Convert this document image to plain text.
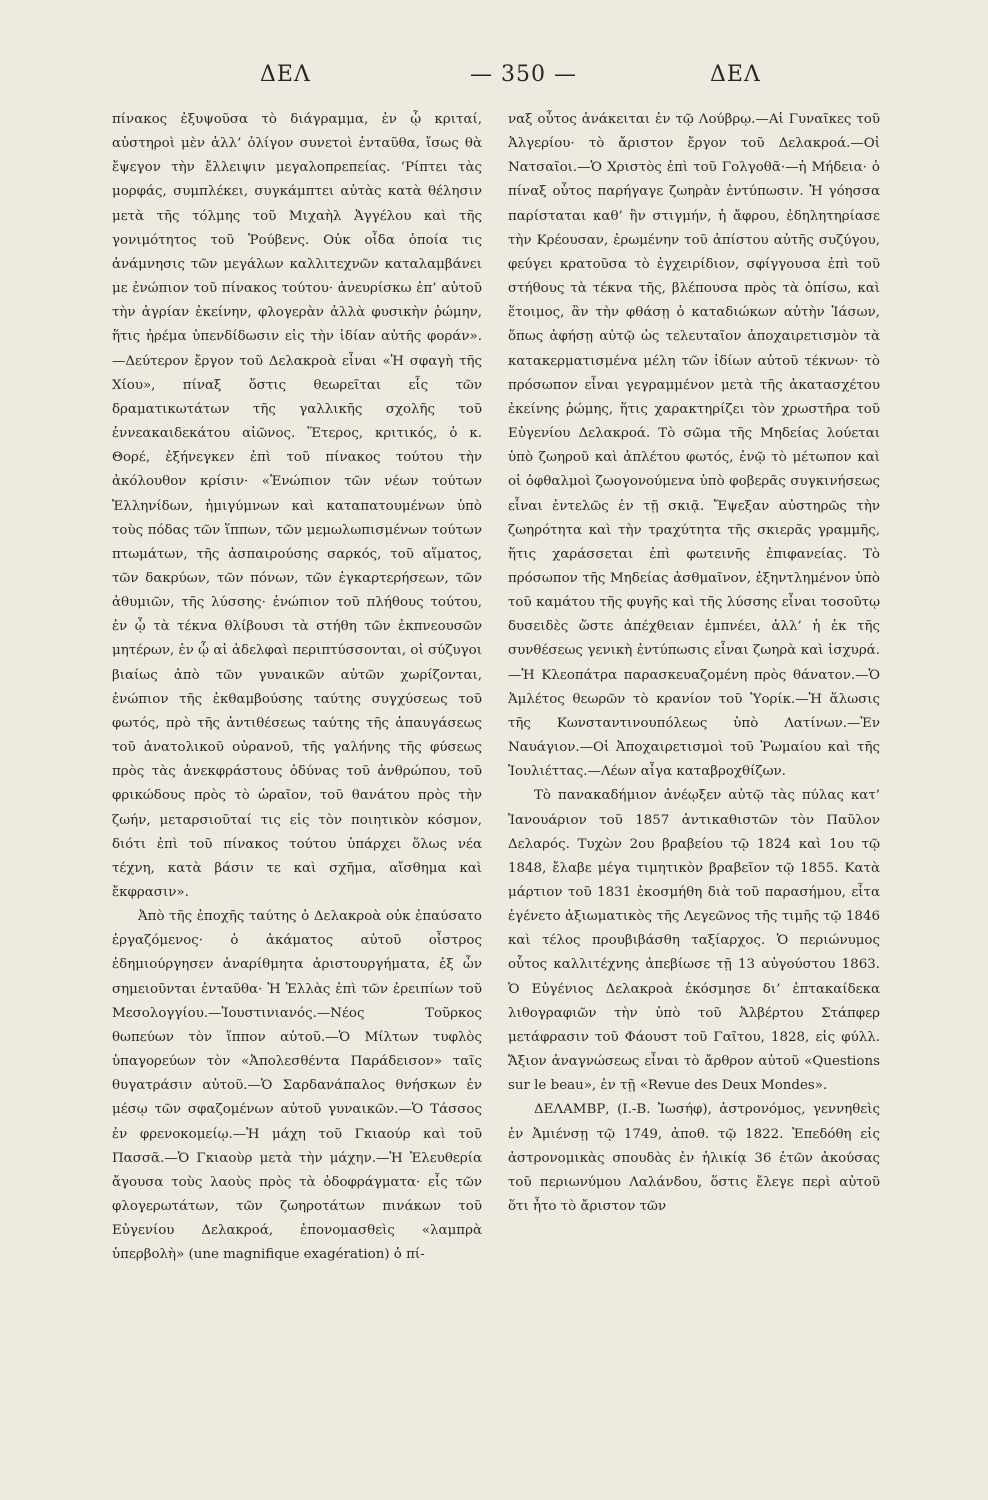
ΔΕΛ	— 350 —	ΔΕΛ

πίνακος ἐξυψοῦσα τὸ διάγραμμα, ἐν ᾧ κριταί, αὐστηροὶ μὲν ἀλλ’ ὀλίγον συνετοὶ ἐνταῦθα, ἴσως θὰ ἔψεγον τὴν ἔλλειψιν μεγαλοπρεπείας. ‘Ρίπτει τὰς μορφάς, συμπλέκει, συγκάμπτει αὐτὰς κατὰ θέλησιν μετὰ τῆς τόλμης τοῦ Μιχαὴλ Ἀγγέλου καὶ τῆς γονιμότητος τοῦ Ῥούβενς. Οὐκ οἶδα ὁποία τις ἀνάμνησις τῶν μεγάλων καλλιτεχνῶν καταλαμβάνει με ἐνώπιον τοῦ πίνακος τούτου· ἀνευρίσκω ἐπ’ αὐτοῦ τὴν ἀγρίαν ἐκείνην, φλογερὰν ἀλλὰ φυσικὴν ῥώμην, ἥτις ἠρέμα ὑπενδίδωσιν εἰς τὴν ἰδίαν αὐτῆς φοράν».—Δεύτερον ἔργον τοῦ Δελακροὰ εἶναι «Ἡ σφαγὴ τῆς Χίου», πίναξ ὅστις θεωρεῖται εἷς τῶν δραματικωτάτων τῆς γαλλικῆς σχολῆς τοῦ ἐννεακαιδεκάτου αἰῶνος. Ἕτερος, κριτικός, ὁ κ. Θορέ, ἐξήνεγκεν ἐπὶ τοῦ πίνακος τούτου τὴν ἀκόλουθον κρίσιν· «Ἐνώπιον τῶν νέων τούτων Ἑλληνίδων, ἠμιγύμνων καὶ καταπατουμένων ὑπὸ τοὺς πόδας τῶν ἵππων, τῶν μεμωλωπισμένων τούτων πτωμάτων, τῆς ἀσπαιρούσης σαρκός, τοῦ αἵματος, τῶν δακρύων, τῶν πόνων, τῶν ἐγκαρτερήσεων, τῶν ἀθυμιῶν, τῆς λύσσης· ἐνώπιον τοῦ πλήθους τούτου, ἐν ᾧ τὰ τέκνα θλίβουσι τὰ στήθη τῶν ἐκπνεουσῶν μητέρων, ἐν ᾧ αἱ ἀδελφαὶ περιπτύσσονται, οἱ σύζυγοι βιαίως ἀπὸ τῶν γυναικῶν αὐτῶν χωρίζονται, ἐνώπιον τῆς ἐκθαμβούσης ταύτης συγχύσεως τοῦ φωτός, πρὸ τῆς ἀντιθέσεως ταύτης τῆς ἀπαυγάσεως τοῦ ἀνατολικοῦ οὐρανοῦ, τῆς γαλήνης τῆς φύσεως πρὸς τὰς ἀνεκφράστους ὀδύνας τοῦ ἀνθρώπου, τοῦ φρικώδους πρὸς τὸ ὡραῖον, τοῦ θανάτου πρὸς τὴν ζωήν, μεταρσιοῦταί τις εἰς τὸν ποιητικὸν κόσμον, διότι ἐπὶ τοῦ πίνακος τούτου ὑπάρχει ὅλως νέα τέχνη, κατὰ βάσιν τε καὶ σχῆμα, αἴσθημα καὶ ἔκφρασιν».

Ἀπὸ τῆς ἐποχῆς ταύτης ὁ Δελακροὰ οὐκ ἐπαύσατο ἐργαζόμενος· ὁ ἀκάματος αὐτοῦ οἶστρος ἐδημιούργησεν ἀναρίθμητα ἀριστουργήματα, ἐξ ὧν σημειοῦνται ἐνταῦθα· Ἡ Ἑλλὰς ἐπὶ τῶν ἐρειπίων τοῦ Μεσολογγίου.—Ἰουστινιανός.—Νέος Τοῦρκος θωπεύων τὸν ἵππον αὐτοῦ.—Ὁ Μίλτων τυφλὸς ὑπαγορεύων τὸν «Ἀπολεσθέντα Παράδεισον» ταῖς θυγατράσιν αὐτοῦ.—Ὁ Σαρδανάπαλος θνήσκων ἐν μέσῳ τῶν σφαζομένων αὐτοῦ γυναικῶν.—Ὁ Τάσσος ἐν φρενοκομείῳ.—Ἡ μάχη τοῦ Γκιαούρ καὶ τοῦ Πασσᾶ.—Ὁ Γκιαοὺρ μετὰ τὴν μάχην.—Ἡ Ἐλευθερία ἄγουσα τοὺς λαοὺς πρὸς τὰ ὀδοφράγματα· εἷς τῶν φλογερωτάτων, τῶν ζωηροτάτων πινάκων τοῦ Εὐγενίου Δελακροά, ἐπονομασθεὶς «λαμπρὰ ὑπερβολὴ» (une magnifique exagération) ὁ πί-

ναξ οὗτος ἀνάκειται ἐν τῷ Λούβρῳ.—Αἱ Γυναῖκες τοῦ Ἀλγερίου· τὸ ἄριστον ἔργον τοῦ Δελακροά.—Οἱ Νατσαῖοι.—Ὁ Χριστὸς ἐπὶ τοῦ Γολγοθᾶ·—ἡ Μήδεια· ὁ πίναξ οὗτος παρήγαγε ζωηρὰν ἐντύπωσιν. Ἡ γόησσα παρίσταται καθ’ ἣν στιγμήν, ἡ ἄφρου, ἐδηλητηρίασε τὴν Κρέουσαν, ἐρωμένην τοῦ ἀπίστου αὐτῆς συζύγου, φεύγει κρατοῦσα τὸ ἐγχειρίδιον, σφίγγουσα ἐπὶ τοῦ στήθους τὰ τέκνα τῆς, βλέπουσα πρὸς τὰ ὀπίσω, καὶ ἕτοιμος, ἂν τὴν φθάσῃ ὁ καταδιώκων αὐτὴν Ἰάσων, ὅπως ἀφήσῃ αὐτῷ ὡς τελευταῖον ἀποχαιρετισμὸν τὰ κατακερματισμένα μέλη τῶν ἰδίων αὐτοῦ τέκνων· τὸ πρόσωπον εἶναι γεγραμμένον μετὰ τῆς ἀκατασχέτου ἐκείνης ῥώμης, ἥτις χαρακτηρίζει τὸν χρωστῆρα τοῦ Εὐγενίου Δελακροά. Τὸ σῶμα τῆς Μηδείας λούεται ὑπὸ ζωηροῦ καὶ ἀπλέτου φωτός, ἐνῷ τὸ μέτωπον καὶ οἱ ὀφθαλμοὶ ζωογονούμενα ὑπὸ φοβερᾶς συγκινήσεως εἶναι ἐντελῶς ἐν τῇ σκιᾷ. Ἔψεξαν αὐστηρῶς τὴν ζωηρότητα καὶ τὴν τραχύτητα τῆς σκιερᾶς γραμμῆς, ἥτις χαράσσεται ἐπὶ φωτεινῆς ἐπιφανείας. Τὸ πρόσωπον τῆς Μηδείας ἀσθμαῖνον, ἐξηντλημένον ὑπὸ τοῦ καμάτου τῆς φυγῆς καὶ τῆς λύσσης εἶναι τοσοῦτῳ δυσειδὲς ὥστε ἀπέχθειαν ἐμπνέει, ἀλλ’ ἡ ἐκ τῆς συνθέσεως γενικὴ ἐντύπωσις εἶναι ζωηρὰ καὶ ἰσχυρά.—Ἡ Κλεοπάτρα παρασκευαζομένη πρὸς θάνατον.—Ὁ Ἀμλέτος θεωρῶν τὸ κρανίον τοῦ Ὑορίκ.—Ἡ ἅλωσις τῆς Κωνσταντινουπόλεως ὑπὸ Λατίνων.—Ἐν Ναυάγιον.—Οἱ Ἀποχαιρετισμοὶ τοῦ Ῥωμαίου καὶ τῆς Ἰουλιέττας.—Λέων αἶγα καταβροχθίζων.

Τὸ πανακαδήμιον ἀνέῳξεν αὐτῷ τὰς πύλας κατ’ Ἰανουάριον τοῦ 1857 ἀντικαθιστῶν τὸν Παῦλον Δελαρός. Τυχὼν 2ου βραβείου τῷ 1824 καὶ 1ου τῷ 1848, ἔλαβε μέγα τιμητικὸν βραβεῖον τῷ 1855. Κατὰ μάρτιον τοῦ 1831 ἐκοσμήθη διὰ τοῦ παρασήμου, εἶτα ἐγένετο ἀξιωματικὸς τῆς Λεγεῶνος τῆς τιμῆς τῷ 1846 καὶ τέλος προυβιβάσθη ταξίαρχος. Ὁ περιώνυμος οὗτος καλλιτέχνης ἀπεβίωσε τῇ 13 αὐγούστου 1863. Ὁ Εὐγένιος Δελακροὰ ἐκόσμησε δι’ ἐπτακαίδεκα λιθογραφιῶν τὴν ὑπὸ τοῦ Ἀλβέρτου Στάπφερ μετάφρασιν τοῦ Φάουστ τοῦ Γαῖτου, 1828, εἰς φύλλ. Ἄξιον ἀναγνώσεως εἶναι τὸ ἄρθρον αὐτοῦ «Questions sur le beau», ἐν τῇ «Revue des Deux Mondes».

ΔΕΛΑΜΒΡ, (Ι.-Β. Ἰωσήφ), ἀστρονόμος, γεννηθεὶς ἐν Ἀμιένσῃ τῷ 1749, ἀποθ. τῷ 1822. Ἐπεδόθη εἰς ἀστρονομικὰς σπουδὰς ἐν ἡλικίᾳ 36 ἐτῶν ἀκούσας τοῦ περιωνύμου Λαλάνδου, ὅστις ἔλεγε περὶ αὐτοῦ ὅτι ἦτο τὸ ἄριστον τῶν
